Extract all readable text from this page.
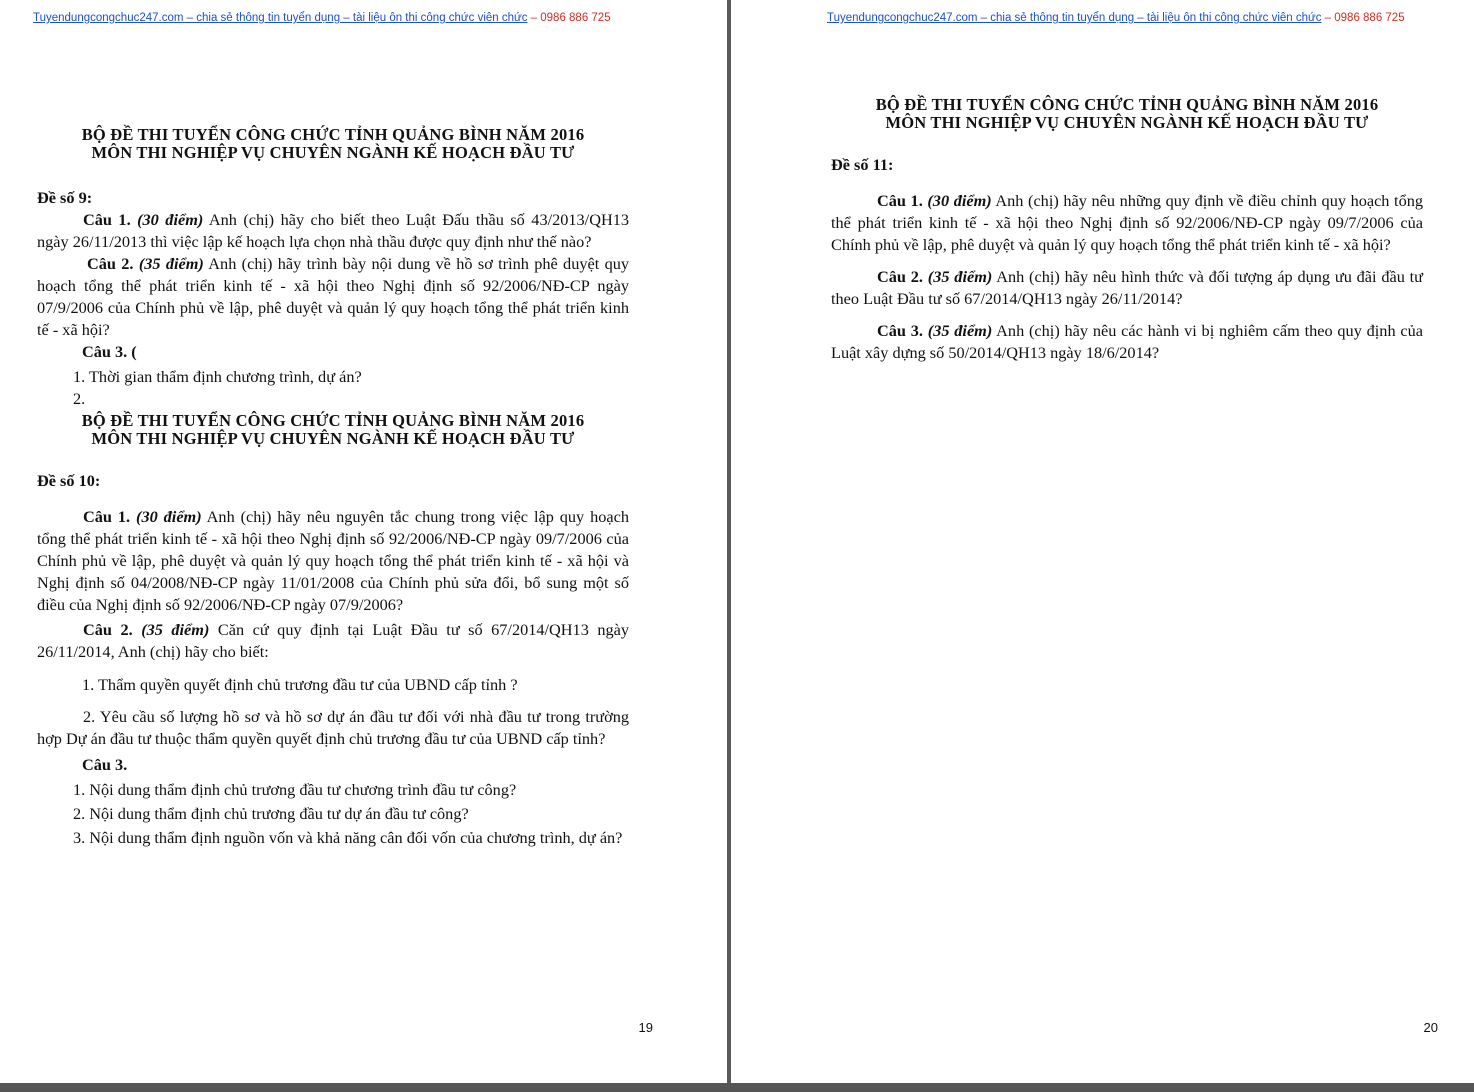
Tuyendungcongchuc247.com – chia sẻ thông tin tuyển dụng – tài liệu ôn thi công chức viên chức – 0986 886 725

BỘ ĐỀ THI TUYỂN CÔNG CHỨC TỈNH QUẢNG BÌNH NĂM 2016

MÔN THI NGHIỆP VỤ CHUYÊN NGÀNH KẾ HOẠCH ĐẦU TƯ

Đề số 9:

Câu 1. (30 điểm) Anh (chị) hãy cho biết theo Luật Đấu thầu số 43/2013/QH13 ngày 26/11/2013 thì việc lập kế hoạch lựa chọn nhà thầu được quy định như thế nào?

Câu 2. (35 điểm) Anh (chị) hãy trình bày nội dung về hồ sơ trình phê duyệt quy hoạch tổng thể phát triển kinh tế - xã hội theo Nghị định số 92/2006/NĐ-CP ngày 07/9/2006 của Chính phủ về lập, phê duyệt và quản lý quy hoạch tổng thể phát triển kinh tế - xã hội?

Câu 3. (

1. Thời gian thẩm định chương trình, dự án?

2.

BỘ ĐỀ THI TUYỂN CÔNG CHỨC TỈNH QUẢNG BÌNH NĂM 2016

MÔN THI NGHIỆP VỤ CHUYÊN NGÀNH KẾ HOẠCH ĐẦU TƯ

Đề số 10:

Câu 1. (30 điểm) Anh (chị) hãy nêu nguyên tắc chung trong việc lập quy hoạch tổng thể phát triển kinh tế - xã hội theo Nghị định số 92/2006/NĐ-CP ngày 09/7/2006 của Chính phủ về lập, phê duyệt và quản lý quy hoạch tổng thể phát triển kinh tế - xã hội và Nghị định số 04/2008/NĐ-CP ngày 11/01/2008 của Chính phủ sửa đổi, bổ sung một số điều của Nghị định số 92/2006/NĐ-CP ngày 07/9/2006?

Câu 2. (35 điểm) Căn cứ quy định tại Luật Đầu tư số 67/2014/QH13 ngày 26/11/2014, Anh (chị) hãy cho biết:

1. Thẩm quyền quyết định chủ trương đầu tư của UBND cấp tỉnh ?

2. Yêu cầu số lượng hồ sơ và hồ sơ dự án đầu tư đối với nhà đầu tư trong trường hợp Dự án đầu tư thuộc thẩm quyền quyết định chủ trương đầu tư của UBND cấp tỉnh?

Câu 3.

1. Nội dung thẩm định chủ trương đầu tư chương trình đầu tư công?

2. Nội dung thẩm định chủ trương đầu tư dự án đầu tư công?

3. Nội dung thẩm định nguồn vốn và khả năng cân đối vốn của chương trình, dự án?

19
Tuyendungcongchuc247.com – chia sẻ thông tin tuyển dụng – tài liệu ôn thi công chức viên chức – 0986 886 725

BỘ ĐỀ THI TUYỂN CÔNG CHỨC TỈNH QUẢNG BÌNH NĂM 2016

MÔN THI NGHIỆP VỤ CHUYÊN NGÀNH KẾ HOẠCH ĐẦU TƯ

Đề số 11:

Câu 1. (30 điểm) Anh (chị) hãy nêu những quy định về điều chỉnh quy hoạch tổng thể phát triển kinh tế - xã hội theo Nghị định số 92/2006/NĐ-CP ngày 09/7/2006 của Chính phủ về lập, phê duyệt và quản lý quy hoạch tổng thể phát triển kinh tế - xã hội?

Câu 2. (35 điểm) Anh (chị) hãy nêu hình thức và đối tượng áp dụng ưu đãi đầu tư theo Luật Đầu tư số 67/2014/QH13 ngày 26/11/2014?

Câu 3. (35 điểm) Anh (chị) hãy nêu các hành vi bị nghiêm cấm theo quy định của Luật xây dựng số 50/2014/QH13 ngày 18/6/2014?

20
